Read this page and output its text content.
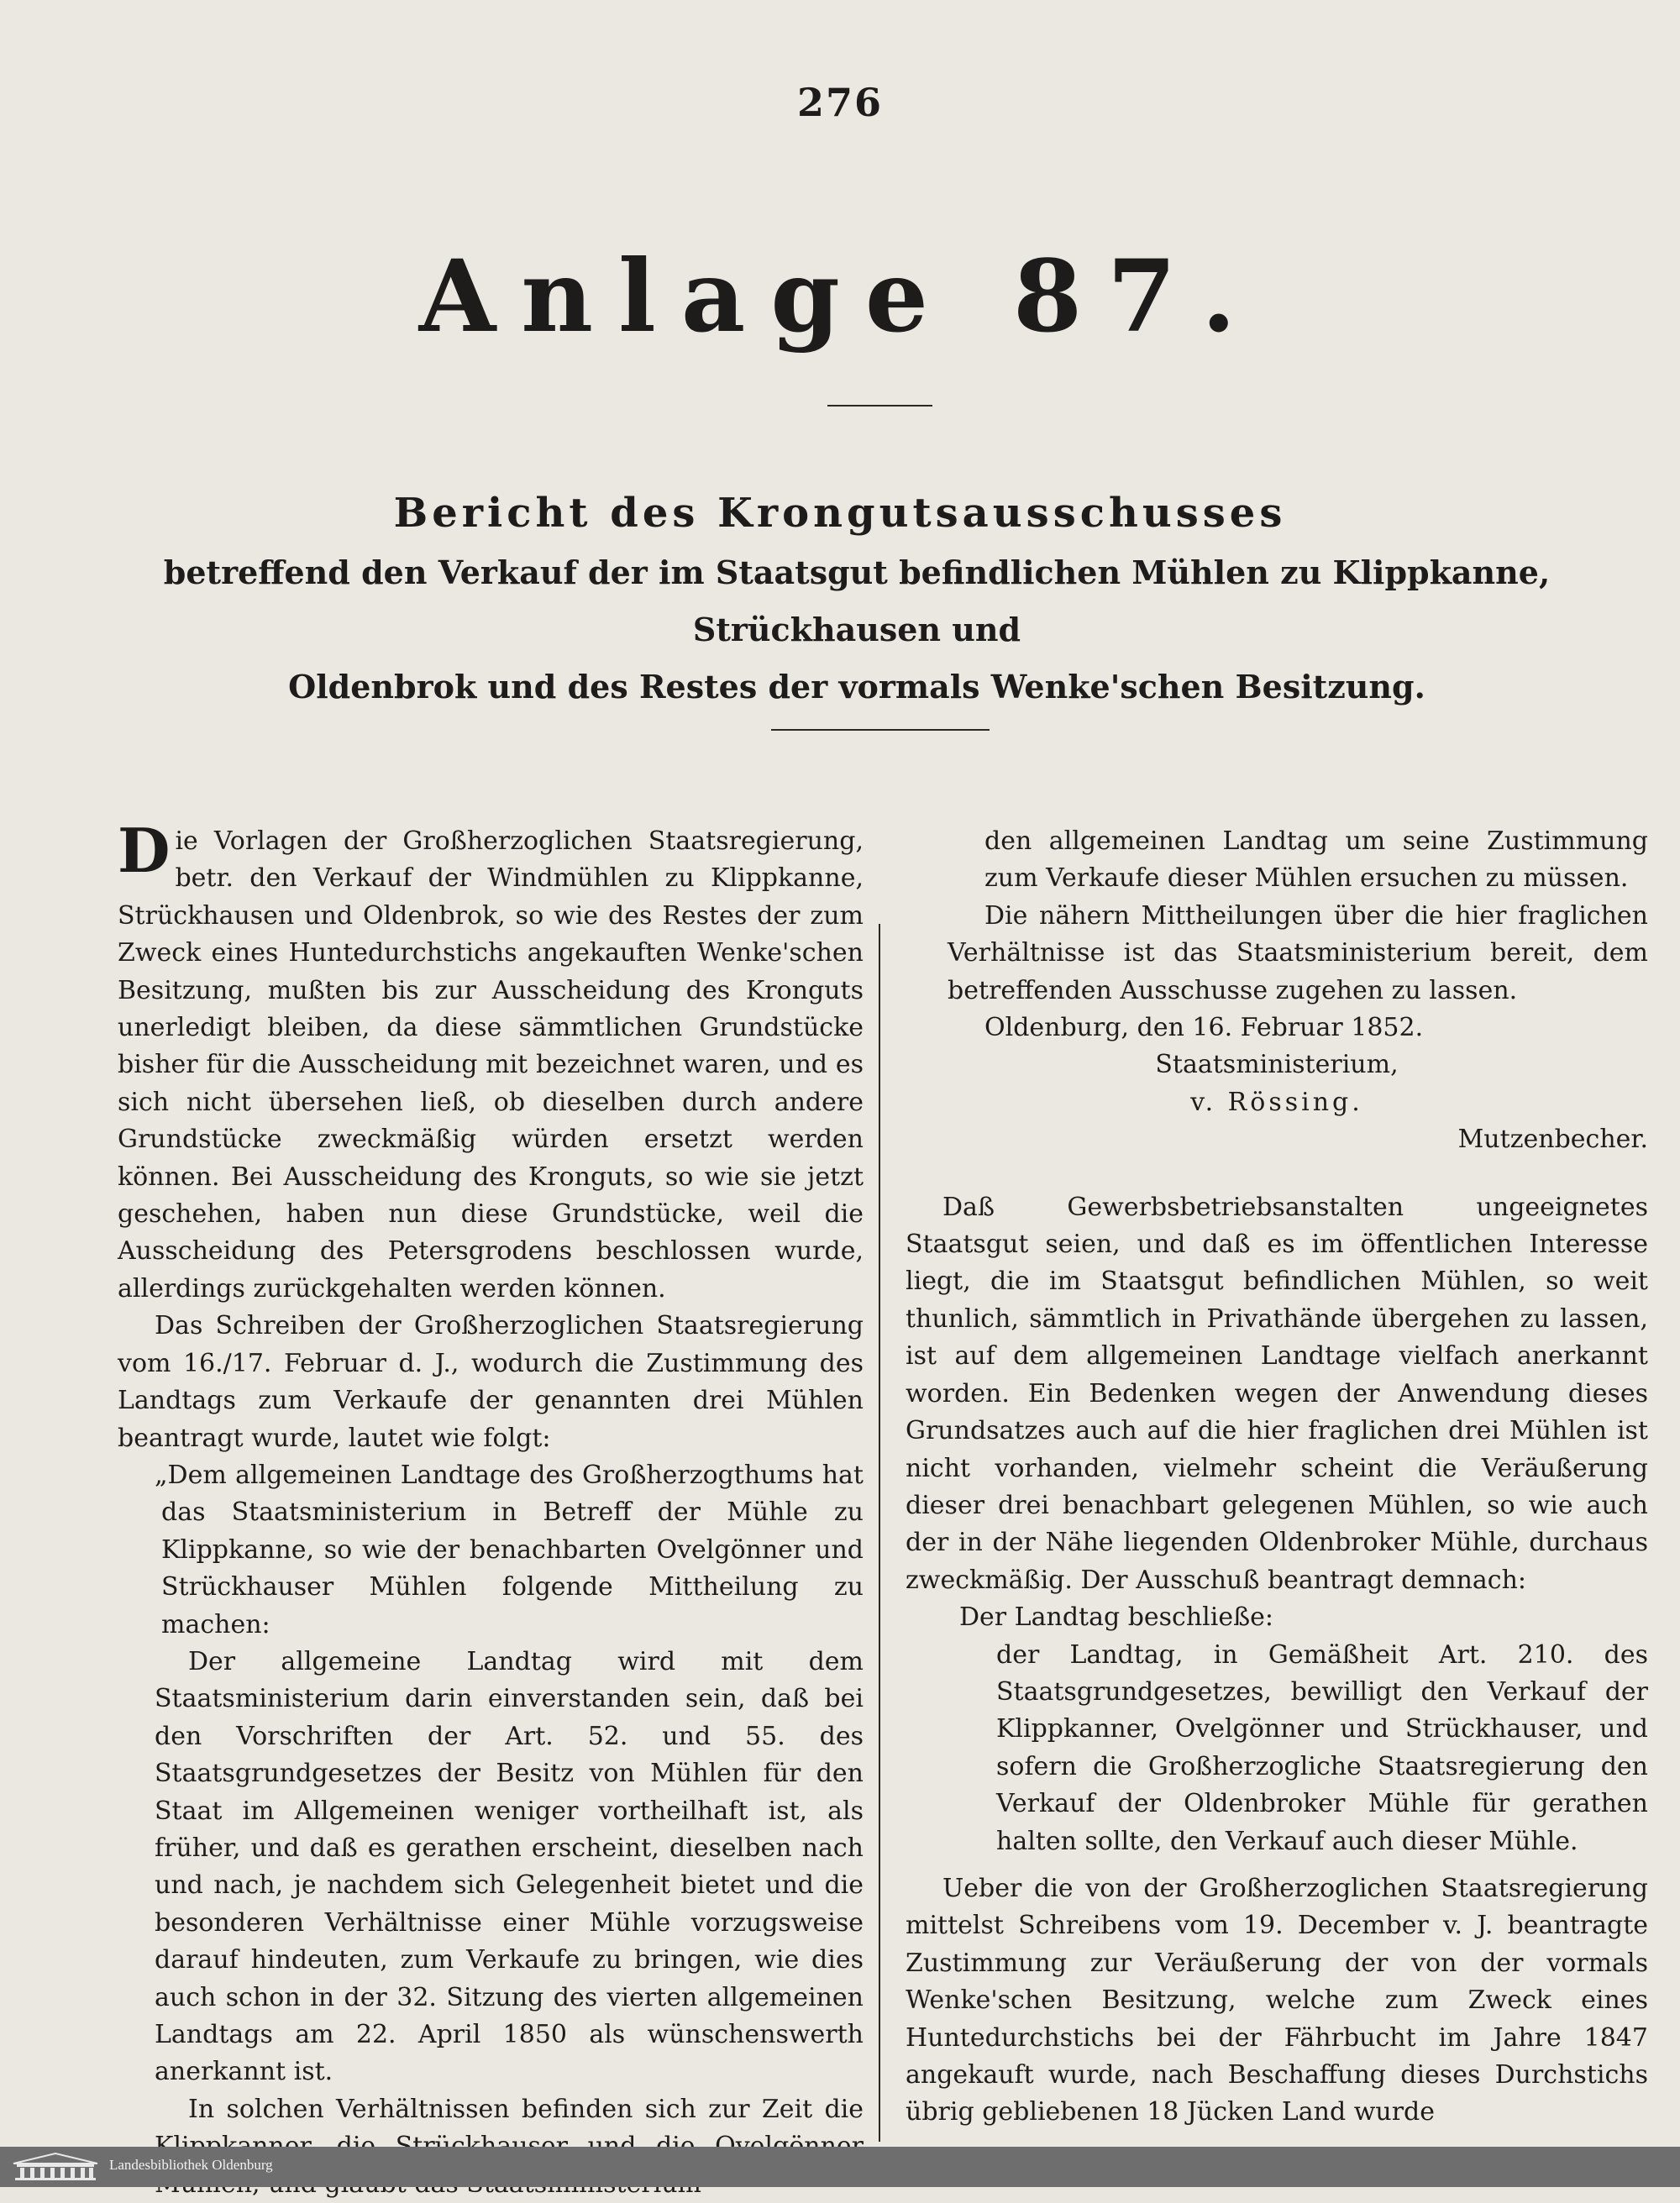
276
Anlage 87.
Bericht des Krongutsausschusses
betreffend den Verkauf der im Staatsgut befindlichen Mühlen zu Klippkanne, Strückhausen und
Oldenbrok und des Restes der vormals Wenke'schen Besitzung.

Die Vorlagen der Großherzoglichen Staatsregierung, betr. den Verkauf der Windmühlen zu Klippkanne, Strückhausen und Oldenbrok, so wie des Restes der zum Zweck eines Huntedurchstichs angekauften Wenke'schen Besitzung, mußten bis zur Ausscheidung des Kronguts unerledigt bleiben, da diese sämmtlichen Grundstücke bisher für die Ausscheidung mit bezeichnet waren, und es sich nicht übersehen ließ, ob dieselben durch andere Grundstücke zweckmäßig würden ersetzt werden können. Bei Ausscheidung des Kronguts, so wie sie jetzt geschehen, haben nun diese Grundstücke, weil die Ausscheidung des Petersgrodens beschlossen wurde, allerdings zurückgehalten werden können.

Das Schreiben der Großherzoglichen Staatsregierung vom 16./17. Februar d. J., wodurch die Zustimmung des Landtags zum Verkaufe der genannten drei Mühlen beantragt wurde, lautet wie folgt:

„Dem allgemeinen Landtage des Großherzogthums hat das Staatsministerium in Betreff der Mühle zu Klippkanne, so wie der benachbarten Ovelgönner und Strückhauser Mühlen folgende Mittheilung zu machen:

Der allgemeine Landtag wird mit dem Staatsministerium darin einverstanden sein, daß bei den Vorschriften der Art. 52. und 55. des Staatsgrundgesetzes der Besitz von Mühlen für den Staat im Allgemeinen weniger vortheilhaft ist, als früher, und daß es gerathen erscheint, dieselben nach und nach, je nachdem sich Gelegenheit bietet und die besonderen Verhältnisse einer Mühle vorzugsweise darauf hindeuten, zum Verkaufe zu bringen, wie dies auch schon in der 32. Sitzung des vierten allgemeinen Landtags am 22. April 1850 als wünschenswerth anerkannt ist.

In solchen Verhältnissen befinden sich zur Zeit die

den allgemeinen Landtag um seine Zustimmung zum Verkaufe dieser Mühlen ersuchen zu müssen.

Die nähern Mittheilungen über die hier fraglichen Verhältnisse ist das Staatsministerium bereit, dem betreffenden Ausschusse zugehen zu lassen.

Oldenburg, den 16. Februar 1852.

Staatsministerium,

v. Rössing.

Mutzenbecher.

Daß Gewerbsbetriebsanstalten ungeeignetes Staatsgut seien, und daß es im öffentlichen Interesse liegt, die im Staatsgut befindlichen Mühlen, so weit thunlich, sämmtlich in Privathände übergehen zu lassen, ist auf dem allgemeinen Landtage vielfach anerkannt worden. Ein Bedenken wegen der Anwendung dieses Grundsatzes auch auf die hier fraglichen drei Mühlen ist nicht vorhanden, vielmehr scheint die Veräußerung dieser drei benachbart gelegenen Mühlen, so wie auch der in der Nähe liegenden Oldenbroker Mühle, durchaus zweckmäßig. Der Ausschuß beantragt demnach:

Der Landtag beschließe:

der Landtag, in Gemäßheit Art. 210. des Staatsgrundgesetzes, bewilligt den Verkauf der Klippkanner, Ovelgönner und Strückhauser, und sofern die Großherzogliche Staatsregierung den Verkauf der Oldenbroker Mühle für gerathen halten sollte, den Verkauf auch dieser Mühle.

Ueber die von der Großherzoglichen Staatsregierung mittelst Schreibens vom 19. December v. J. beantragte Zustimmung zur Veräußerung der von der vormals Wenke'schen Besitzung, welche zum Zweck eines Huntedurchstichs bei der Fährbucht im Jahre 1847 angekauft wurde, nach Beschaffung dieses Durchstichs übrig gebliebenen 18 Jücken Land wurde

Landesbibliothek Oldenburg
